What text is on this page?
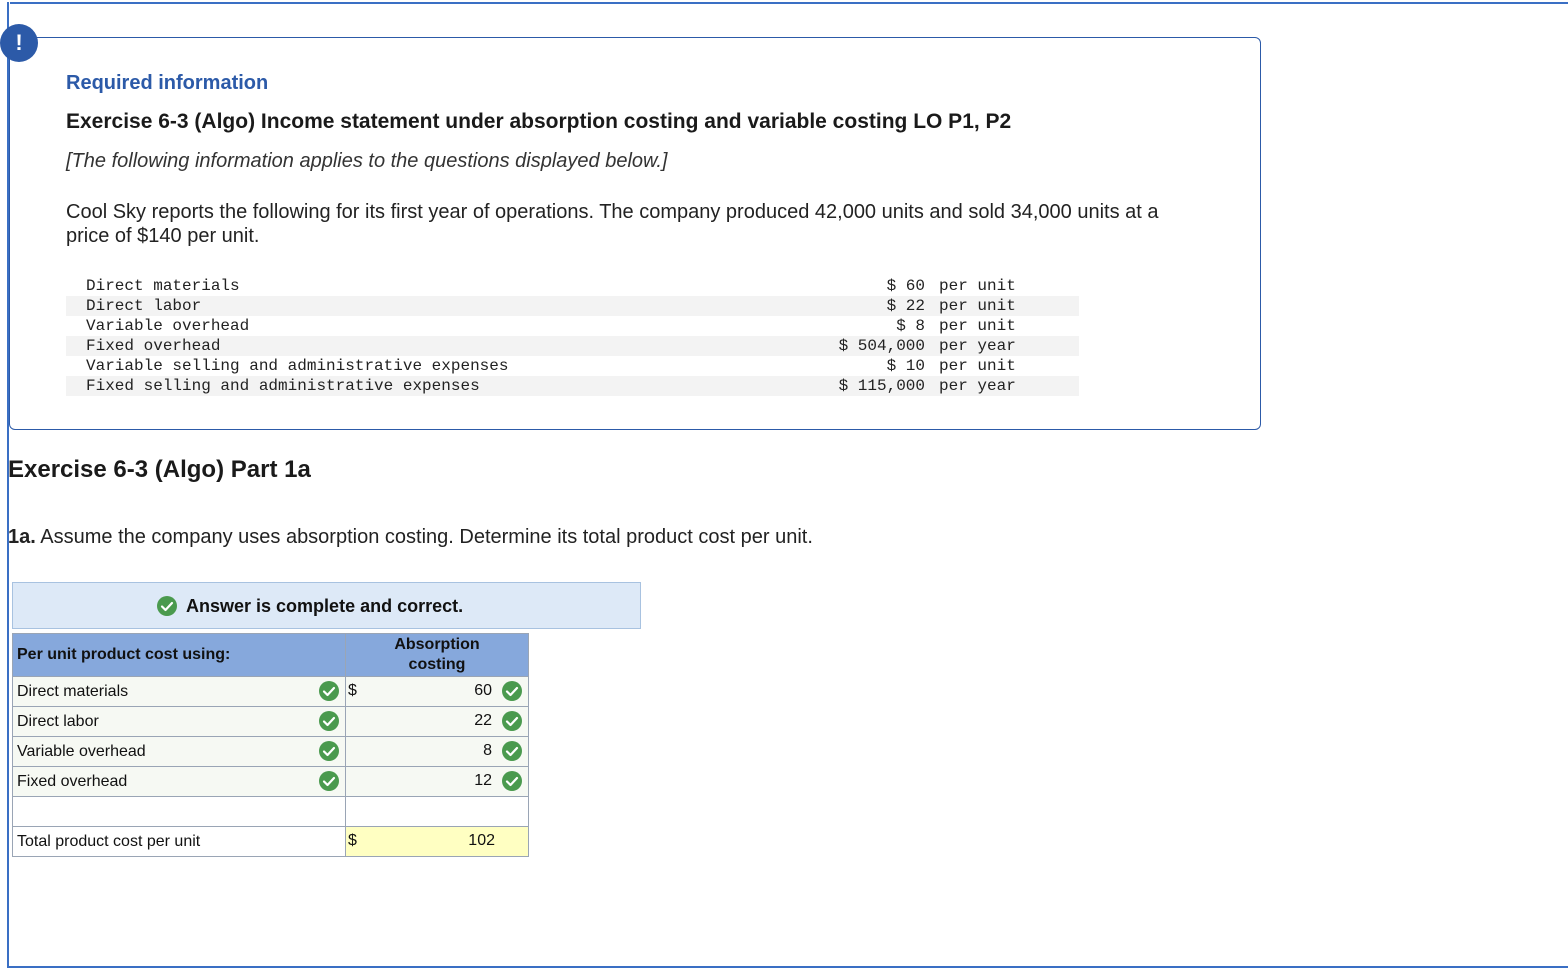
Required information
Exercise 6-3 (Algo) Income statement under absorption costing and variable costing LO P1, P2
[The following information applies to the questions displayed below.]
Cool Sky reports the following for its first year of operations. The company produced 42,000 units and sold 34,000 units at a price of $140 per unit.
Direct materials	$ 60	per unit
Direct labor	$ 22	per unit
Variable overhead	$ 8	per unit
Fixed overhead	$ 504,000	per year
Variable selling and administrative expenses	$ 10	per unit
Fixed selling and administrative expenses	$ 115,000	per year
!
Exercise 6-3 (Algo) Part 1a
1a. Assume the company uses absorption costing. Determine its total product cost per unit.
Answer is complete and correct.
Per unit product cost using:	Absorption
costing
Direct materials	$ 60

Direct labor	22

Variable overhead	8

Fixed overhead	12

Total product cost per unit	$ 102
